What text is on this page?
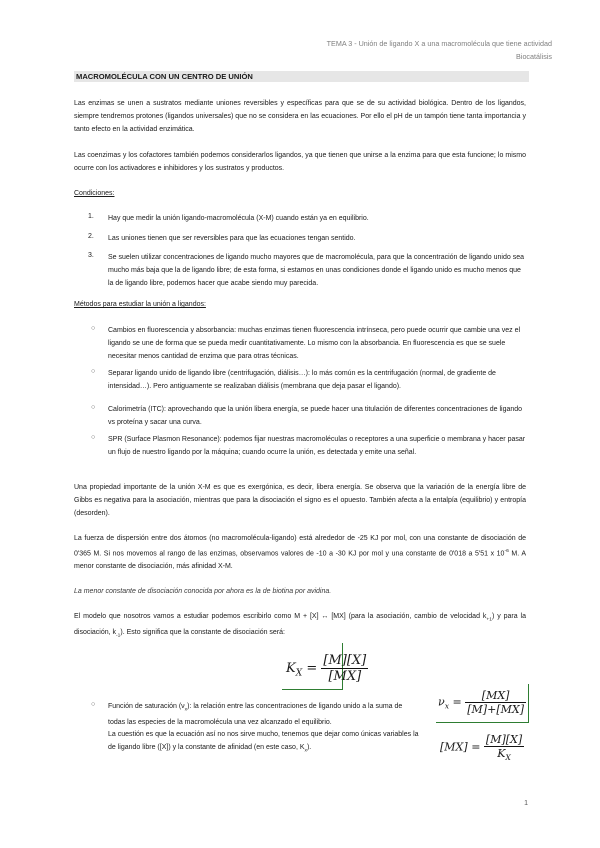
TEMA 3 - Unión de ligando X a una macromolécula que tiene actividad
Biocatálisis
MACROMOLÉCULA CON UN CENTRO DE UNIÓN
Las enzimas se unen a sustratos mediante uniones reversibles y específicas para que se de su actividad biológica. Dentro de los ligandos, siempre tendremos protones (ligandos universales) que no se considera en las ecuaciones. Por ello el pH de un tampón tiene tanta importancia y tanto efecto en la actividad enzimática.
Las coenzimas y los cofactores también podemos considerarlos ligandos, ya que tienen que unirse a la enzima para que esta funcione; lo mismo ocurre con los activadores e inhibidores y los sustratos y productos.
Condiciones:
1. Hay que medir la unión ligando-macromolécula (X-M) cuando están ya en equilibrio.
2. Las uniones tienen que ser reversibles para que las ecuaciones tengan sentido.
3. Se suelen utilizar concentraciones de ligando mucho mayores que de macromolécula, para que la concentración de ligando unido sea mucho más baja que la de ligando libre; de esta forma, si estamos en unas condiciones donde el ligando unido es mucho menos que la de ligando libre, podemos hacer que acabe siendo muy parecida.
Métodos para estudiar la unión a ligandos:
○ Cambios en fluorescencia y absorbancia: muchas enzimas tienen fluorescencia intrínseca, pero puede ocurrir que cambie una vez el ligando se une de forma que se pueda medir cuantitativamente. Lo mismo con la absorbancia. En fluorescencia es que se suele necesitar menos cantidad de enzima que para otras técnicas.
○ Separar ligando unido de ligando libre (centrifugación, diálisis…): lo más común es la centrifugación (normal, de gradiente de intensidad…). Pero antiguamente se realizaban diálisis (membrana que deja pasar el ligando).
○ Calorimetría (ITC): aprovechando que la unión libera energía, se puede hacer una titulación de diferentes concentraciones de ligando vs proteína y sacar una curva.
○ SPR (Surface Plasmon Resonance): podemos fijar nuestras macromoléculas o receptores a una superficie o membrana y hacer pasar un flujo de nuestro ligando por la máquina; cuando ocurre la unión, es detectada y emite una señal.
Una propiedad importante de la unión X-M es que es exergónica, es decir, libera energía. Se observa que la variación de la energía libre de Gibbs es negativa para la asociación, mientras que para la disociación el signo es el opuesto. También afecta a la entalpía (equilibrio) y entropía (desorden).
La fuerza de dispersión entre dos átomos (no macromolécula-ligando) está alrededor de -25 KJ por mol, con una constante de disociación de 0'365 M. Si nos movemos al rango de las enzimas, observamos valores de -10 a -30 KJ por mol y una constante de 0'018 a 5'51 x $10^{-6}$ M. A menor constante de disociación, más afinidad X-M.
La menor constante de disociación conocida por ahora es la de biotina por avidina.
El modelo que nosotros vamos a estudiar podemos escribirlo como M + [X] ↔ [MX] (para la asociación, cambio de velocidad $k_{+1}$) y para la disociación, $k_{-1}$). Esto significa que la constante de disociación será:
$K_X = \frac{[M][X]}{[MX]}$
○ Función de saturación $(\nu_x)$: la relación entre las concentraciones de ligando unido a la suma de todas las especies de la macromolécula una vez alcanzado el equilibrio.
$\nu_x = \frac{[MX]}{[M]+[MX]}$
La cuestión es que la ecuación así no nos sirve mucho, tenemos que dejar como únicas variables la de ligando libre ([X]) y la constante de afinidad (en este caso, $K_x$).	$[MX] = \frac{[M][X]}{K_X}$
1
